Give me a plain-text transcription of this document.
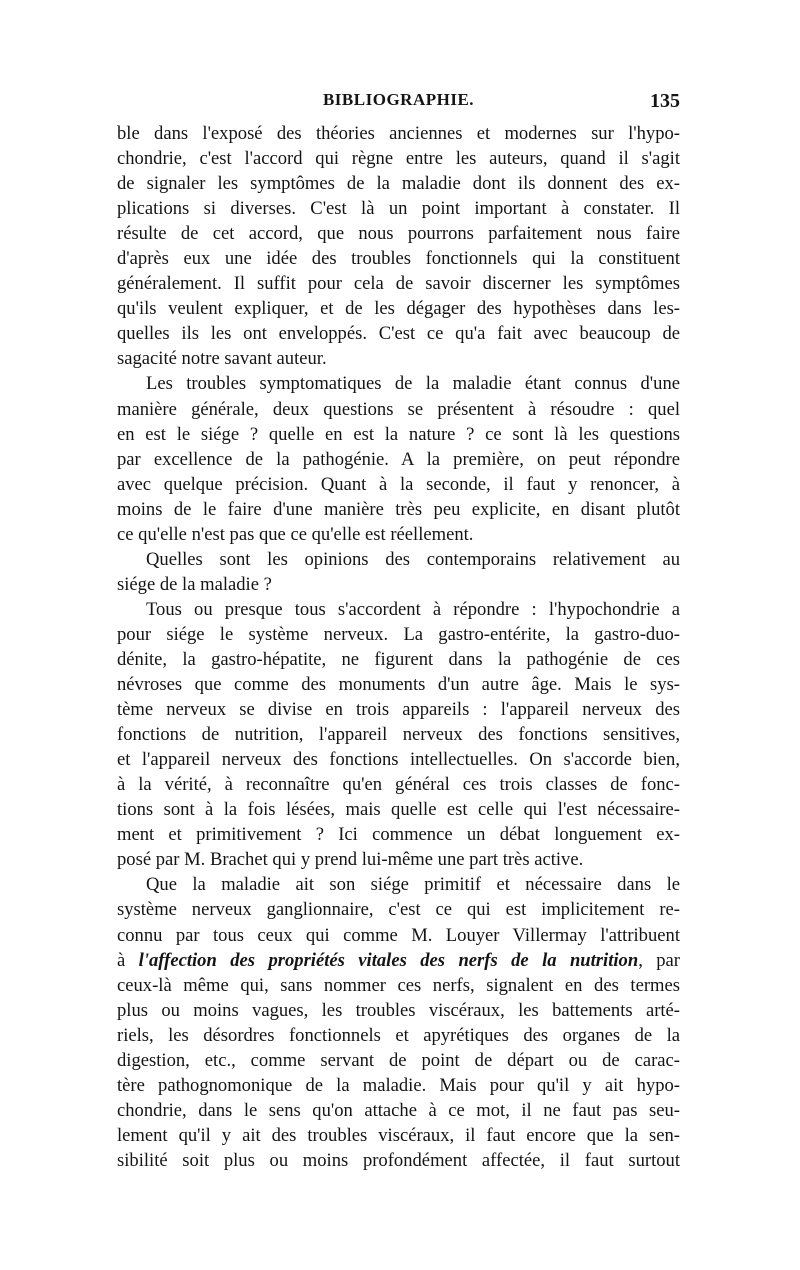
BIBLIOGRAPHIE.	135
ble dans l'exposé des théories anciennes et modernes sur l'hypo-
chondrie, c'est l'accord qui règne entre les auteurs, quand il s'agit
de signaler les symptômes de la maladie dont ils donnent des ex-
plications si diverses. C'est là un point important à constater. Il
résulte de cet accord, que nous pourrons parfaitement nous faire
d'après eux une idée des troubles fonctionnels qui la constituent
généralement. Il suffit pour cela de savoir discerner les symptômes
qu'ils veulent expliquer, et de les dégager des hypothèses dans les-
quelles ils les ont enveloppés. C'est ce qu'a fait avec beaucoup de
sagacité notre savant auteur.
Les troubles symptomatiques de la maladie étant connus d'une
manière générale, deux questions se présentent à résoudre : quel
en est le siége ? quelle en est la nature ? ce sont là les questions
par excellence de la pathogénie. A la première, on peut répondre
avec quelque précision. Quant à la seconde, il faut y renoncer, à
moins de le faire d'une manière très peu explicite, en disant plutôt
ce qu'elle n'est pas que ce qu'elle est réellement.
Quelles sont les opinions des contemporains relativement au
siége de la maladie ?
Tous ou presque tous s'accordent à répondre : l'hypochondrie a
pour siége le système nerveux. La gastro-entérite, la gastro-duo-
dénite, la gastro-hépatite, ne figurent dans la pathogénie de ces
névroses que comme des monuments d'un autre âge. Mais le sys-
tème nerveux se divise en trois appareils : l'appareil nerveux des
fonctions de nutrition, l'appareil nerveux des fonctions sensitives,
et l'appareil nerveux des fonctions intellectuelles. On s'accorde bien,
à la vérité, à reconnaître qu'en général ces trois classes de fonc-
tions sont à la fois lésées, mais quelle est celle qui l'est nécessaire-
ment et primitivement ? Ici commence un débat longuement ex-
posé par M. Brachet qui y prend lui-même une part très active.
Que la maladie ait son siége primitif et nécessaire dans le
système nerveux ganglionnaire, c'est ce qui est implicitement re-
connu par tous ceux qui comme M. Louyer Villermay l'attribuent
à l'affection des propriétés vitales des nerfs de la nutrition, par
ceux-là même qui, sans nommer ces nerfs, signalent en des termes
plus ou moins vagues, les troubles viscéraux, les battements arté-
riels, les désordres fonctionnels et apyrétiques des organes de la
digestion, etc., comme servant de point de départ ou de carac-
tère pathognomonique de la maladie. Mais pour qu'il y ait hypo-
chondrie, dans le sens qu'on attache à ce mot, il ne faut pas seu-
lement qu'il y ait des troubles viscéraux, il faut encore que la sen-
sibilité soit plus ou moins profondément affectée, il faut surtout
